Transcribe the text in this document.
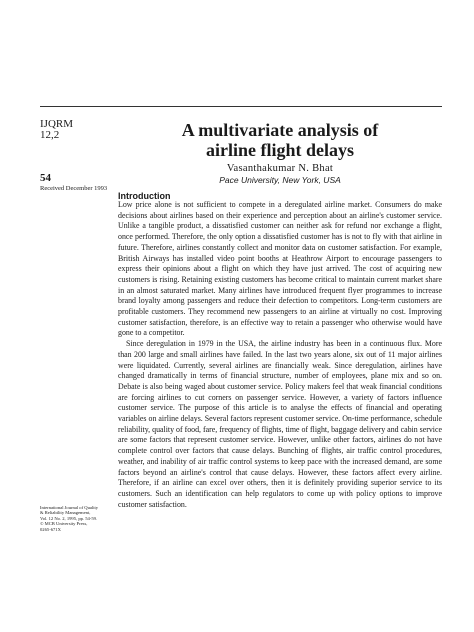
IJQRM
12,2
54
Received December 1993
International Journal of Quality
& Reliability Management,
Vol. 12 No. 2, 1995, pp. 54-59.
© MCB University Press,
0265-671X
A multivariate analysis of
airline flight delays
Vasanthakumar N. Bhat
Pace University, New York, USA
Introduction

Low price alone is not sufficient to compete in a deregulated airline market. Consumers do make decisions about airlines based on their experience and perception about an airline's customer service. Unlike a tangible product, a dissatisfied customer can neither ask for refund nor exchange a flight, once performed. Therefore, the only option a dissatisfied customer has is not to fly with that airline in future. Therefore, airlines constantly collect and monitor data on customer satisfaction. For example, British Airways has installed video point booths at Heathrow Airport to encourage passengers to express their opinions about a flight on which they have just arrived. The cost of acquiring new customers is rising. Retaining existing customers has become critical to maintain current market share in an almost saturated market. Many airlines have introduced frequent flyer programmes to increase brand loyalty among passengers and reduce their defection to competitors. Long-term customers are profitable customers. They recommend new passengers to an airline at virtually no cost. Improving customer satisfaction, therefore, is an effective way to retain a passenger who otherwise would have gone to a competitor.

Since deregulation in 1979 in the USA, the airline industry has been in a continuous flux. More than 200 large and small airlines have failed. In the last two years alone, six out of 11 major airlines were liquidated. Currently, several airlines are financially weak. Since deregulation, airlines have changed dramatically in terms of financial structure, number of employees, plane mix and so on. Debate is also being waged about customer service. Policy makers feel that weak financial conditions are forcing airlines to cut corners on passenger service. However, a variety of factors influence customer service. The purpose of this article is to analyse the effects of financial and operating variables on airline delays. Several factors represent customer service. On-time performance, schedule reliability, quality of food, fare, frequency of flights, time of flight, baggage delivery and cabin service are some factors that represent customer service. However, unlike other factors, airlines do not have complete control over factors that cause delays. Bunching of flights, air traffic control procedures, weather, and inability of air traffic control systems to keep pace with the increased demand, are some factors beyond an airline's control that cause delays. However, these factors affect every airline. Therefore, if an airline can excel over others, then it is definitely providing superior service to its customers. Such an identification can help regulators to come up with policy options to improve customer satisfaction.
